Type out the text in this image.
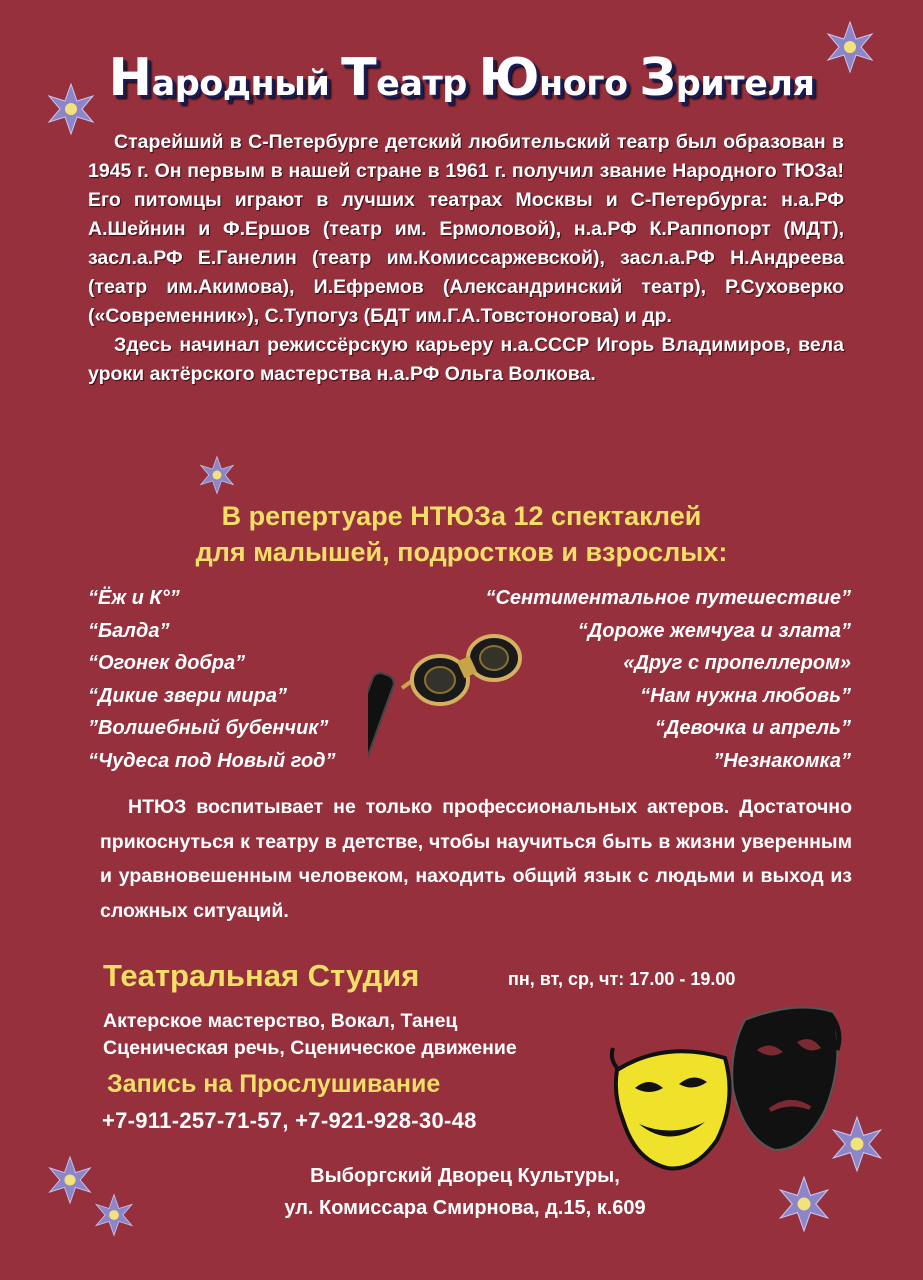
Народный Театр Юного Зрителя

Старейший в С-Петербурге детский любительский театр был образован в 1945 г. Он первым в нашей стране в 1961 г. получил звание Народного ТЮЗа! Его питомцы играют в лучших театрах Москвы и С-Петербурга: н.а.РФ А.Шейнин и Ф.Ершов (театр им. Ермоловой), н.а.РФ К.Раппопорт (МДТ), засл.а.РФ Е.Ганелин (театр им.Комиссаржевской), засл.а.РФ Н.Андреева (театр им.Акимова), И.Ефремов (Александринский театр), Р.Суховерко («Современник»), С.Тупогуз (БДТ им.Г.А.Товстоногова) и др.

Здесь начинал режиссёрскую карьеру н.а.СССР Игорь Владимиров, вела уроки актёрского мастерства н.а.РФ Ольга Волкова.

В репертуаре НТЮЗа 12 спектаклей
для малышей, подростков и взрослых:
“Ёж и К°”
“Балда”
“Огонек добра”
“Дикие звери мира”
”Волшебный бубенчик”
“Чудеса под Новый год”
“Сентиментальное путешествие”
“Дороже жемчуга и злата”
«Друг с пропеллером»
“Нам нужна любовь”
“Девочка и апрель”
”Незнакомка”
НТЮЗ воспитывает не только профессиональных актеров. Достаточно прикоснуться к театру в детстве, чтобы научиться быть в жизни уверенным и уравновешенным человеком, находить общий язык с людьми и выход из сложных ситуаций.
Театральная Студия	пн, вт, ср, чт: 17.00 - 19.00
Актерское мастерство, Вокал, Танец
Сценическая речь, Сценическое движение
Запись на Прослушивание
+7-911-257-71-57, +7-921-928-30-48
Выборгский Дворец Культуры,
ул. Комиссара Смирнова, д.15, к.609
